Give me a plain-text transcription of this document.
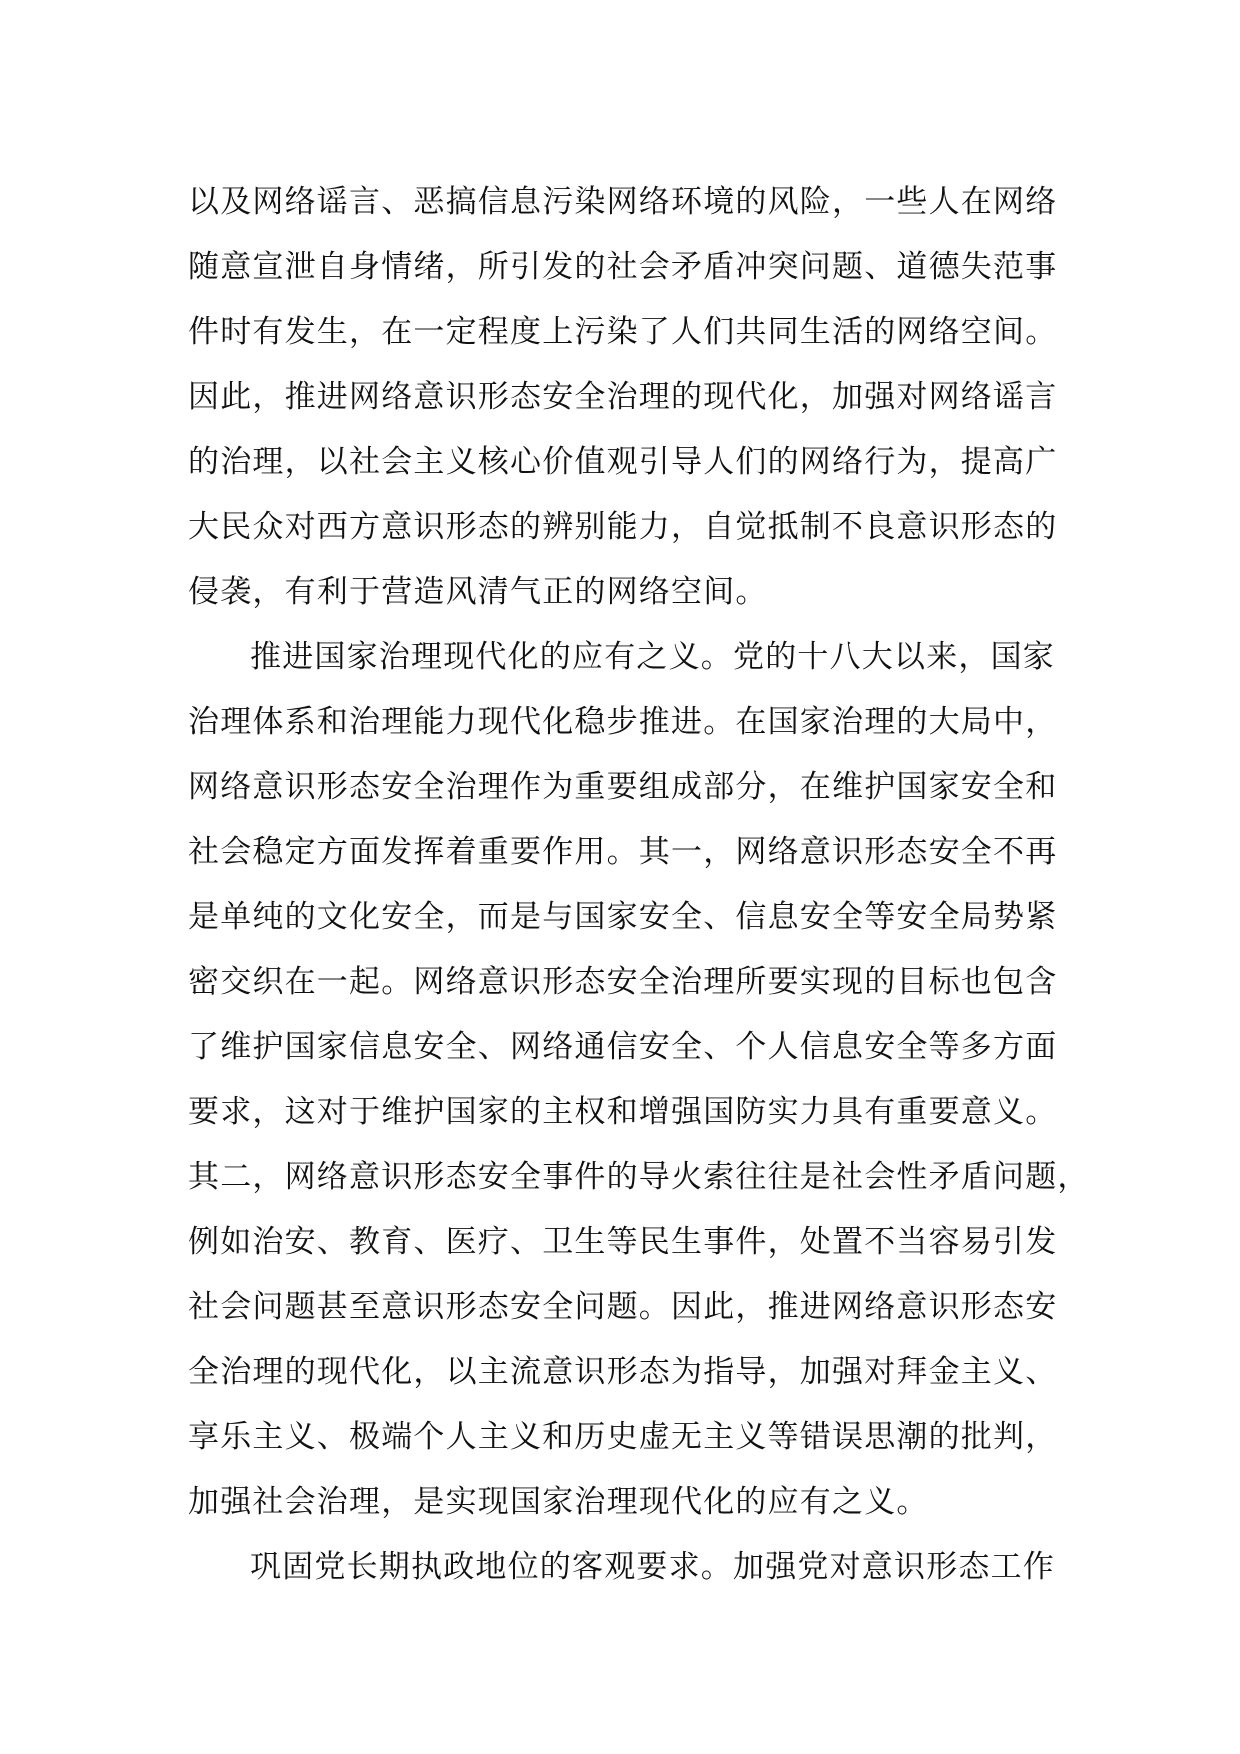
以及网络谣言、恶搞信息污染网络环境的风险，一些人在网络
随意宣泄自身情绪，所引发的社会矛盾冲突问题、道德失范事
件时有发生，在一定程度上污染了人们共同生活的网络空间。
因此，推进网络意识形态安全治理的现代化，加强对网络谣言
的治理，以社会主义核心价值观引导人们的网络行为，提高广
大民众对西方意识形态的辨别能力，自觉抵制不良意识形态的
侵袭，有利于营造风清气正的网络空间。
推进国家治理现代化的应有之义。党的十八大以来，国家
治理体系和治理能力现代化稳步推进。在国家治理的大局中，
网络意识形态安全治理作为重要组成部分，在维护国家安全和
社会稳定方面发挥着重要作用。其一，网络意识形态安全不再
是单纯的文化安全，而是与国家安全、信息安全等安全局势紧
密交织在一起。网络意识形态安全治理所要实现的目标也包含
了维护国家信息安全、网络通信安全、个人信息安全等多方面
要求，这对于维护国家的主权和增强国防实力具有重要意义。
其二，网络意识形态安全事件的导火索往往是社会性矛盾问题，
例如治安、教育、医疗、卫生等民生事件，处置不当容易引发
社会问题甚至意识形态安全问题。因此，推进网络意识形态安
全治理的现代化，以主流意识形态为指导，加强对拜金主义、
享乐主义、极端个人主义和历史虚无主义等错误思潮的批判，
加强社会治理，是实现国家治理现代化的应有之义。
巩固党长期执政地位的客观要求。加强党对意识形态工作
